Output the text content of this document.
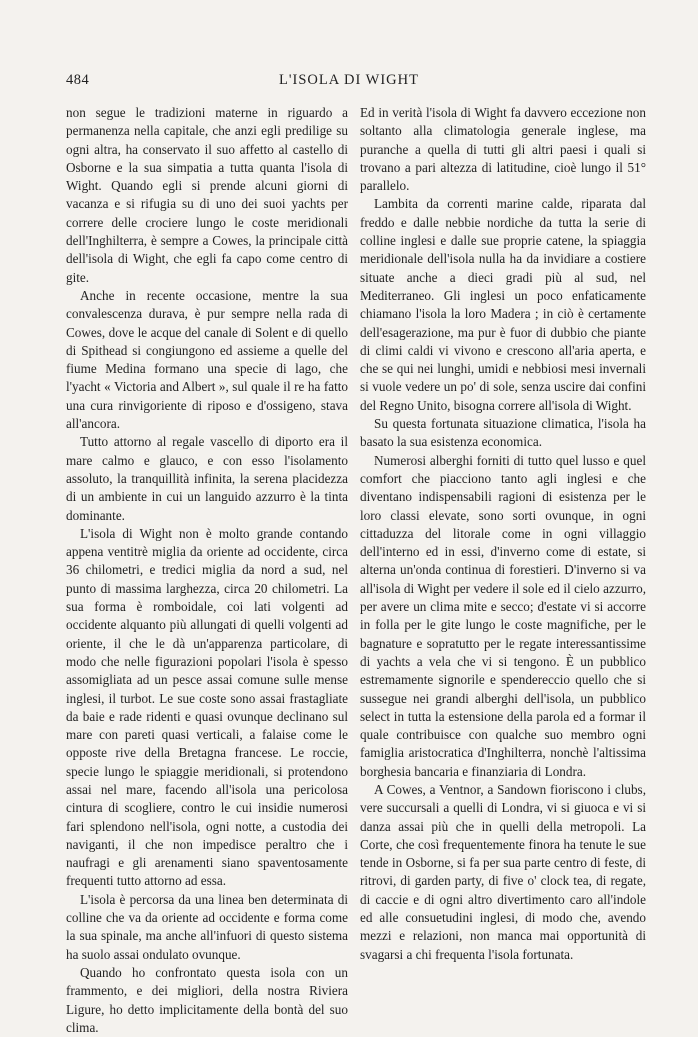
484	L'ISOLA DI WIGHT

non segue le tradizioni materne in riguardo a permanenza nella capitale, che anzi egli predilige su ogni altra, ha conservato il suo affetto al castello di Osborne e la sua simpatia a tutta quanta l'isola di Wight. Quando egli si prende alcuni giorni di vacanza e si rifugia su di uno dei suoi yachts per correre delle crociere lungo le coste meridionali dell'Inghilterra, è sempre a Cowes, la principale città dell'isola di Wight, che egli fa capo come centro di gite.

Anche in recente occasione, mentre la sua convalescenza durava, è pur sempre nella rada di Cowes, dove le acque del canale di Solent e di quello di Spithead si congiungono ed assieme a quelle del fiume Medina formano una specie di lago, che l'yacht « Victoria and Albert », sul quale il re ha fatto una cura rinvigoriente di riposo e d'ossigeno, stava all'ancora.

Tutto attorno al regale vascello di diporto era il mare calmo e glauco, e con esso l'isolamento assoluto, la tranquillità infinita, la serena placidezza di un ambiente in cui un languido azzurro è la tinta dominante.

L'isola di Wight non è molto grande contando appena ventitrè miglia da oriente ad occidente, circa 36 chilometri, e tredici miglia da nord a sud, nel punto di massima larghezza, circa 20 chilometri. La sua forma è romboidale, coi lati volgenti ad occidente alquanto più allungati di quelli volgenti ad oriente, il che le dà un'apparenza particolare, di modo che nelle figurazioni popolari l'isola è spesso assomigliata ad un pesce assai comune sulle mense inglesi, il turbot. Le sue coste sono assai frastagliate da baie e rade ridenti e quasi ovunque declinano sul mare con pareti quasi verticali, a falaise come le opposte rive della Bretagna francese. Le roccie, specie lungo le spiaggie meridionali, si protendono assai nel mare, facendo all'isola una pericolosa cintura di scogliere, contro le cui insidie numerosi fari splendono nell'isola, ogni notte, a custodia dei naviganti, il che non impedisce peraltro che i naufragi e gli arenamenti siano spaventosamente frequenti tutto attorno ad essa.

L'isola è percorsa da una linea ben determinata di colline che va da oriente ad occidente e forma come la sua spinale, ma anche all'infuori di questo sistema ha suolo assai ondulato ovunque.

Quando ho confrontato questa isola con un frammento, e dei migliori, della nostra Riviera Ligure, ho detto implicitamente della bontà del suo clima.

Ed in verità l'isola di Wight fa davvero eccezione non soltanto alla climatologia generale inglese, ma puranche a quella di tutti gli altri paesi i quali si trovano a pari altezza di latitudine, cioè lungo il 51° parallelo.

Lambita da correnti marine calde, riparata dal freddo e dalle nebbie nordiche da tutta la serie di colline inglesi e dalle sue proprie catene, la spiaggia meridionale dell'isola nulla ha da invidiare a costiere situate anche a dieci gradi più al sud, nel Mediterraneo. Gli inglesi un poco enfaticamente chiamano l'isola la loro Madera ; in ciò è certamente dell'esagerazione, ma pur è fuor di dubbio che piante di climi caldi vi vivono e crescono all'aria aperta, e che se qui nei lunghi, umidi e nebbiosi mesi invernali si vuole vedere un po' di sole, senza uscire dai confini del Regno Unito, bisogna correre all'isola di Wight.

Su questa fortunata situazione climatica, l'isola ha basato la sua esistenza economica.

Numerosi alberghi forniti di tutto quel lusso e quel comfort che piacciono tanto agli inglesi e che diventano indispensabili ragioni di esistenza per le loro classi elevate, sono sorti ovunque, in ogni cittaduzza del litorale come in ogni villaggio dell'interno ed in essi, d'inverno come di estate, si alterna un'onda continua di forestieri. D'inverno si va all'isola di Wight per vedere il sole ed il cielo azzurro, per avere un clima mite e secco; d'estate vi si accorre in folla per le gite lungo le coste magnifiche, per le bagnature e sopratutto per le regate interessantissime di yachts a vela che vi si tengono. È un pubblico estremamente signorile e spendereccio quello che si sussegue nei grandi alberghi dell'isola, un pubblico select in tutta la estensione della parola ed a formar il quale contribuisce con qualche suo membro ogni famiglia aristocratica d'Inghilterra, nonchè l'altissima borghesia bancaria e finanziaria di Londra.

A Cowes, a Ventnor, a Sandown fioriscono i clubs, vere succursali a quelli di Londra, vi si giuoca e vi si danza assai più che in quelli della metropoli. La Corte, che così frequentemente finora ha tenute le sue tende in Osborne, si fa per sua parte centro di feste, di ritrovi, di garden party, di five o' clock tea, di regate, di caccie e di ogni altro divertimento caro all'indole ed alle consuetudini inglesi, di modo che, avendo mezzi e relazioni, non manca mai opportunità di svagarsi a chi frequenta l'isola fortunata.
